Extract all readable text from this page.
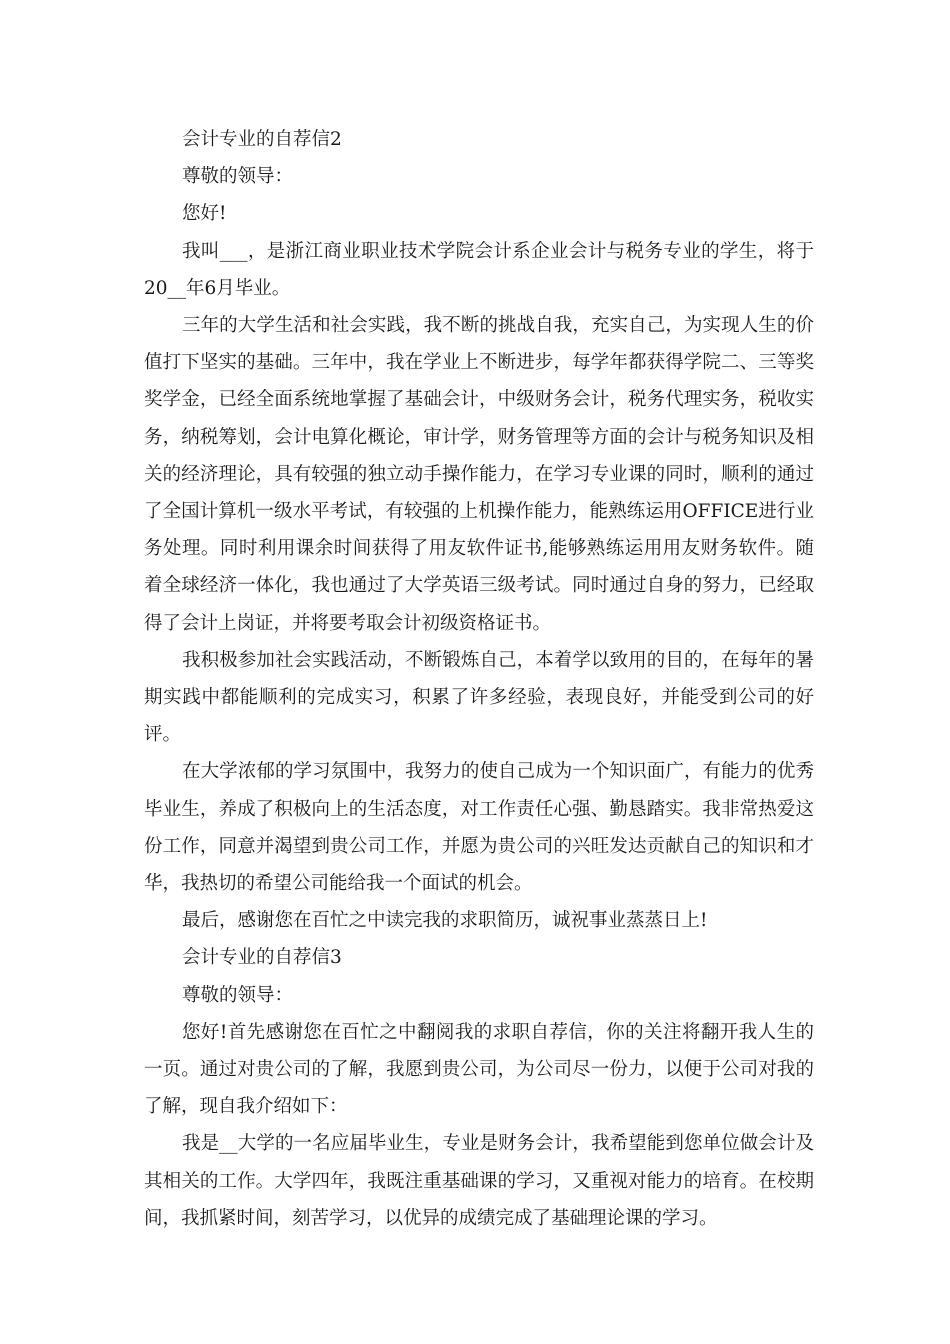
会计专业的自荐信2

尊敬的领导：

您好!

我叫___，是浙江商业职业技术学院会计系企业会计与税务专业的学生，将于20__年6月毕业。

三年的大学生活和社会实践，我不断的挑战自我，充实自己，为实现人生的价值打下坚实的基础。三年中，我在学业上不断进步，每学年都获得学院二、三等奖奖学金，已经全面系统地掌握了基础会计，中级财务会计，税务代理实务，税收实务，纳税筹划，会计电算化概论，审计学，财务管理等方面的会计与税务知识及相关的经济理论，具有较强的独立动手操作能力，在学习专业课的同时，顺利的通过了全国计算机一级水平考试，有较强的上机操作能力，能熟练运用OFFICE进行业务处理。同时利用课余时间获得了用友软件证书,能够熟练运用用友财务软件。随着全球经济一体化，我也通过了大学英语三级考试。同时通过自身的努力，已经取得了会计上岗证，并将要考取会计初级资格证书。

我积极参加社会实践活动，不断锻炼自己，本着学以致用的目的，在每年的暑期实践中都能顺利的完成实习，积累了许多经验，表现良好，并能受到公司的好评。

在大学浓郁的学习氛围中，我努力的使自己成为一个知识面广，有能力的优秀毕业生，养成了积极向上的生活态度，对工作责任心强、勤恳踏实。我非常热爱这份工作，同意并渴望到贵公司工作，并愿为贵公司的兴旺发达贡献自己的知识和才华，我热切的希望公司能给我一个面试的机会。

最后，感谢您在百忙之中读完我的求职简历，诚祝事业蒸蒸日上!

会计专业的自荐信3

尊敬的领导：

您好!首先感谢您在百忙之中翻阅我的求职自荐信，你的关注将翻开我人生的一页。通过对贵公司的了解，我愿到贵公司，为公司尽一份力，以便于公司对我的了解，现自我介绍如下：

我是__大学的一名应届毕业生，专业是财务会计，我希望能到您单位做会计及其相关的工作。大学四年，我既注重基础课的学习，又重视对能力的培育。在校期间，我抓紧时间，刻苦学习，以优异的成绩完成了基础理论课的学习。
